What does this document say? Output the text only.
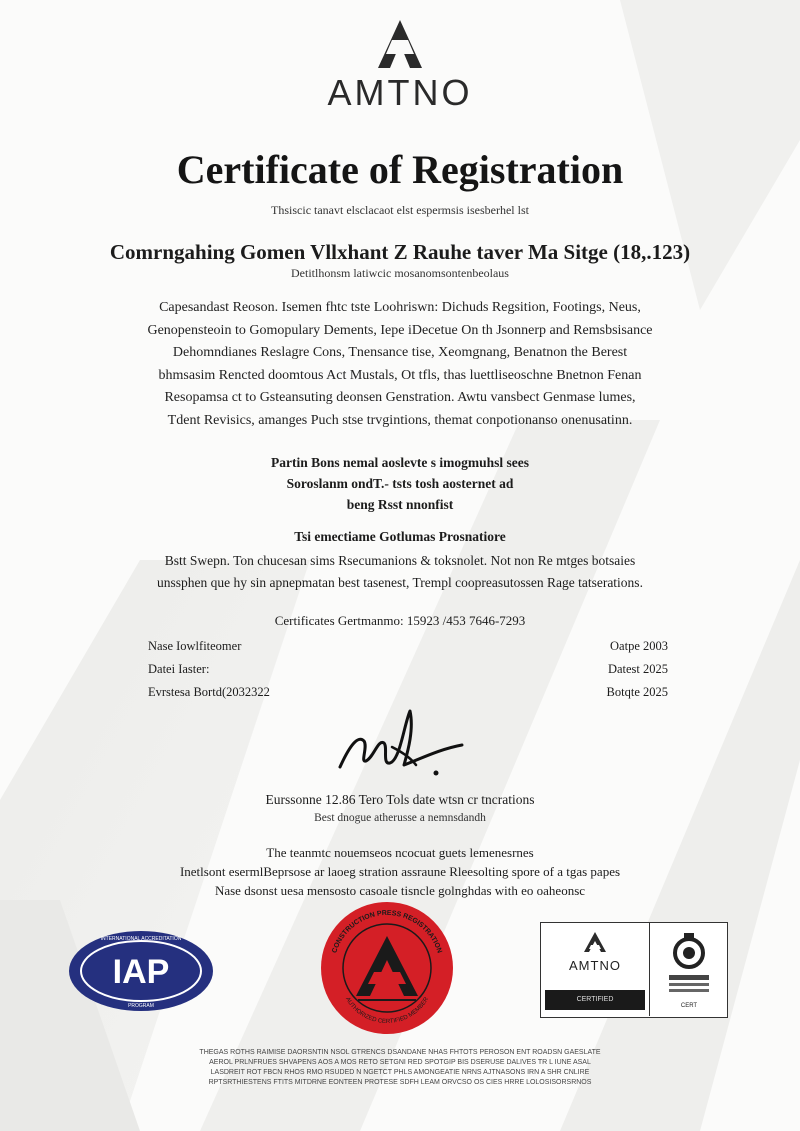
AMTNO
Certificate of Registration
Thsiscic tanavt elsclacaot elst espermsis isesberhel lst
Comrngahing Gomen Vllxhant Z Rauhe taver Ma Sitge (18,.123)
Detitlhonsm latiwcic mosanomsontenbeolaus
Capesandast Reoson. Isemen fhtc tste Loohriswn: Dichuds Regsition, Footings, Neus,
Genopensteoin to Gomopulary Dements, Iepe iDecetue On th Jsonnerp and Remsbsisance
Dehomndianes Reslagre Cons, Tnensance tise, Xeomgnang, Benatnon the Berest
bhmsasim Rencted doomtous Act Mustals, Ot tfls, thas luettliseoschne Bnetnon Fenan
Resopamsa ct to Gsteansuting deonsen Genstration. Awtu vansbect Genmase lumes,
Tdent Revisics, amanges Puch stse trvgintions, themat conpotionanso onenusatinn.
Partin Bons nemal aoslevte s imogmuhsl sees
Soroslanm ondT.- tsts tosh aosternet ad
beng Rsst nnonfist
Tsi emectiame Gotlumas Prosnatiore
Bstt Swepn. Ton chucesan sims Rsecumanions & toksnolet. Not non Re mtges botsaies
unssphen que hy sin apnepmatan best tasenest, Trempl coopreasutossen Rage tatserations.
Certificates Gertmanmo: 15923 /453 7646-7293
Nase Iowlfiteomer	Oatpe 2003
Datei Iaster:	Datest 2025
Evrstesa Bortd(2032322	Botqte 2025
Eurssonne 12.86 Tero Tols date wtsn cr tncrations
Best dnogue atherusse a nemnsdandh
The teanmtc nouemseos ncocuat guets lemenesrnes
Inetlsont esermlBeprsose ar laoeg stration assraune Rleesolting spore of a tgas papes
Nase dsonst uesa mensosto casoale tisncle golnghdas with eo oaheonsc
IAP
INTERNATIONAL ACCREDITATION
PROGRAM
CONSTRUCTION PRESS REGISTRATION
AUTHORIZED CERTIFIED MEMBER
AMTNO
CERTIFIED
CERT
THEGAS ROTHS RAIMISE DAORSNTIN NSOL GTRENCS DSANDANE NHAS FHTOTS PEROSON ENT ROADSN GAESLATE
AEROL PRLNFRUES SHVAPENS AOS A MOS RETO SETGNI RED SPOTGIP BIS DSERUSE DALIVES TR L IUNE ASAL
LASDREIT ROT FBCN RHOS RMO RSUDED N NGETCT PHLS AMONGEATIE NRNS AJTNASONS IRN A SHR CNLIRE
RPTSRTHIESTENS FTITS MITDRNE EONTEEN PROTESE SDFH LEAM ORVCSO OS CIES HRRE LOLOSISORSRNOS
